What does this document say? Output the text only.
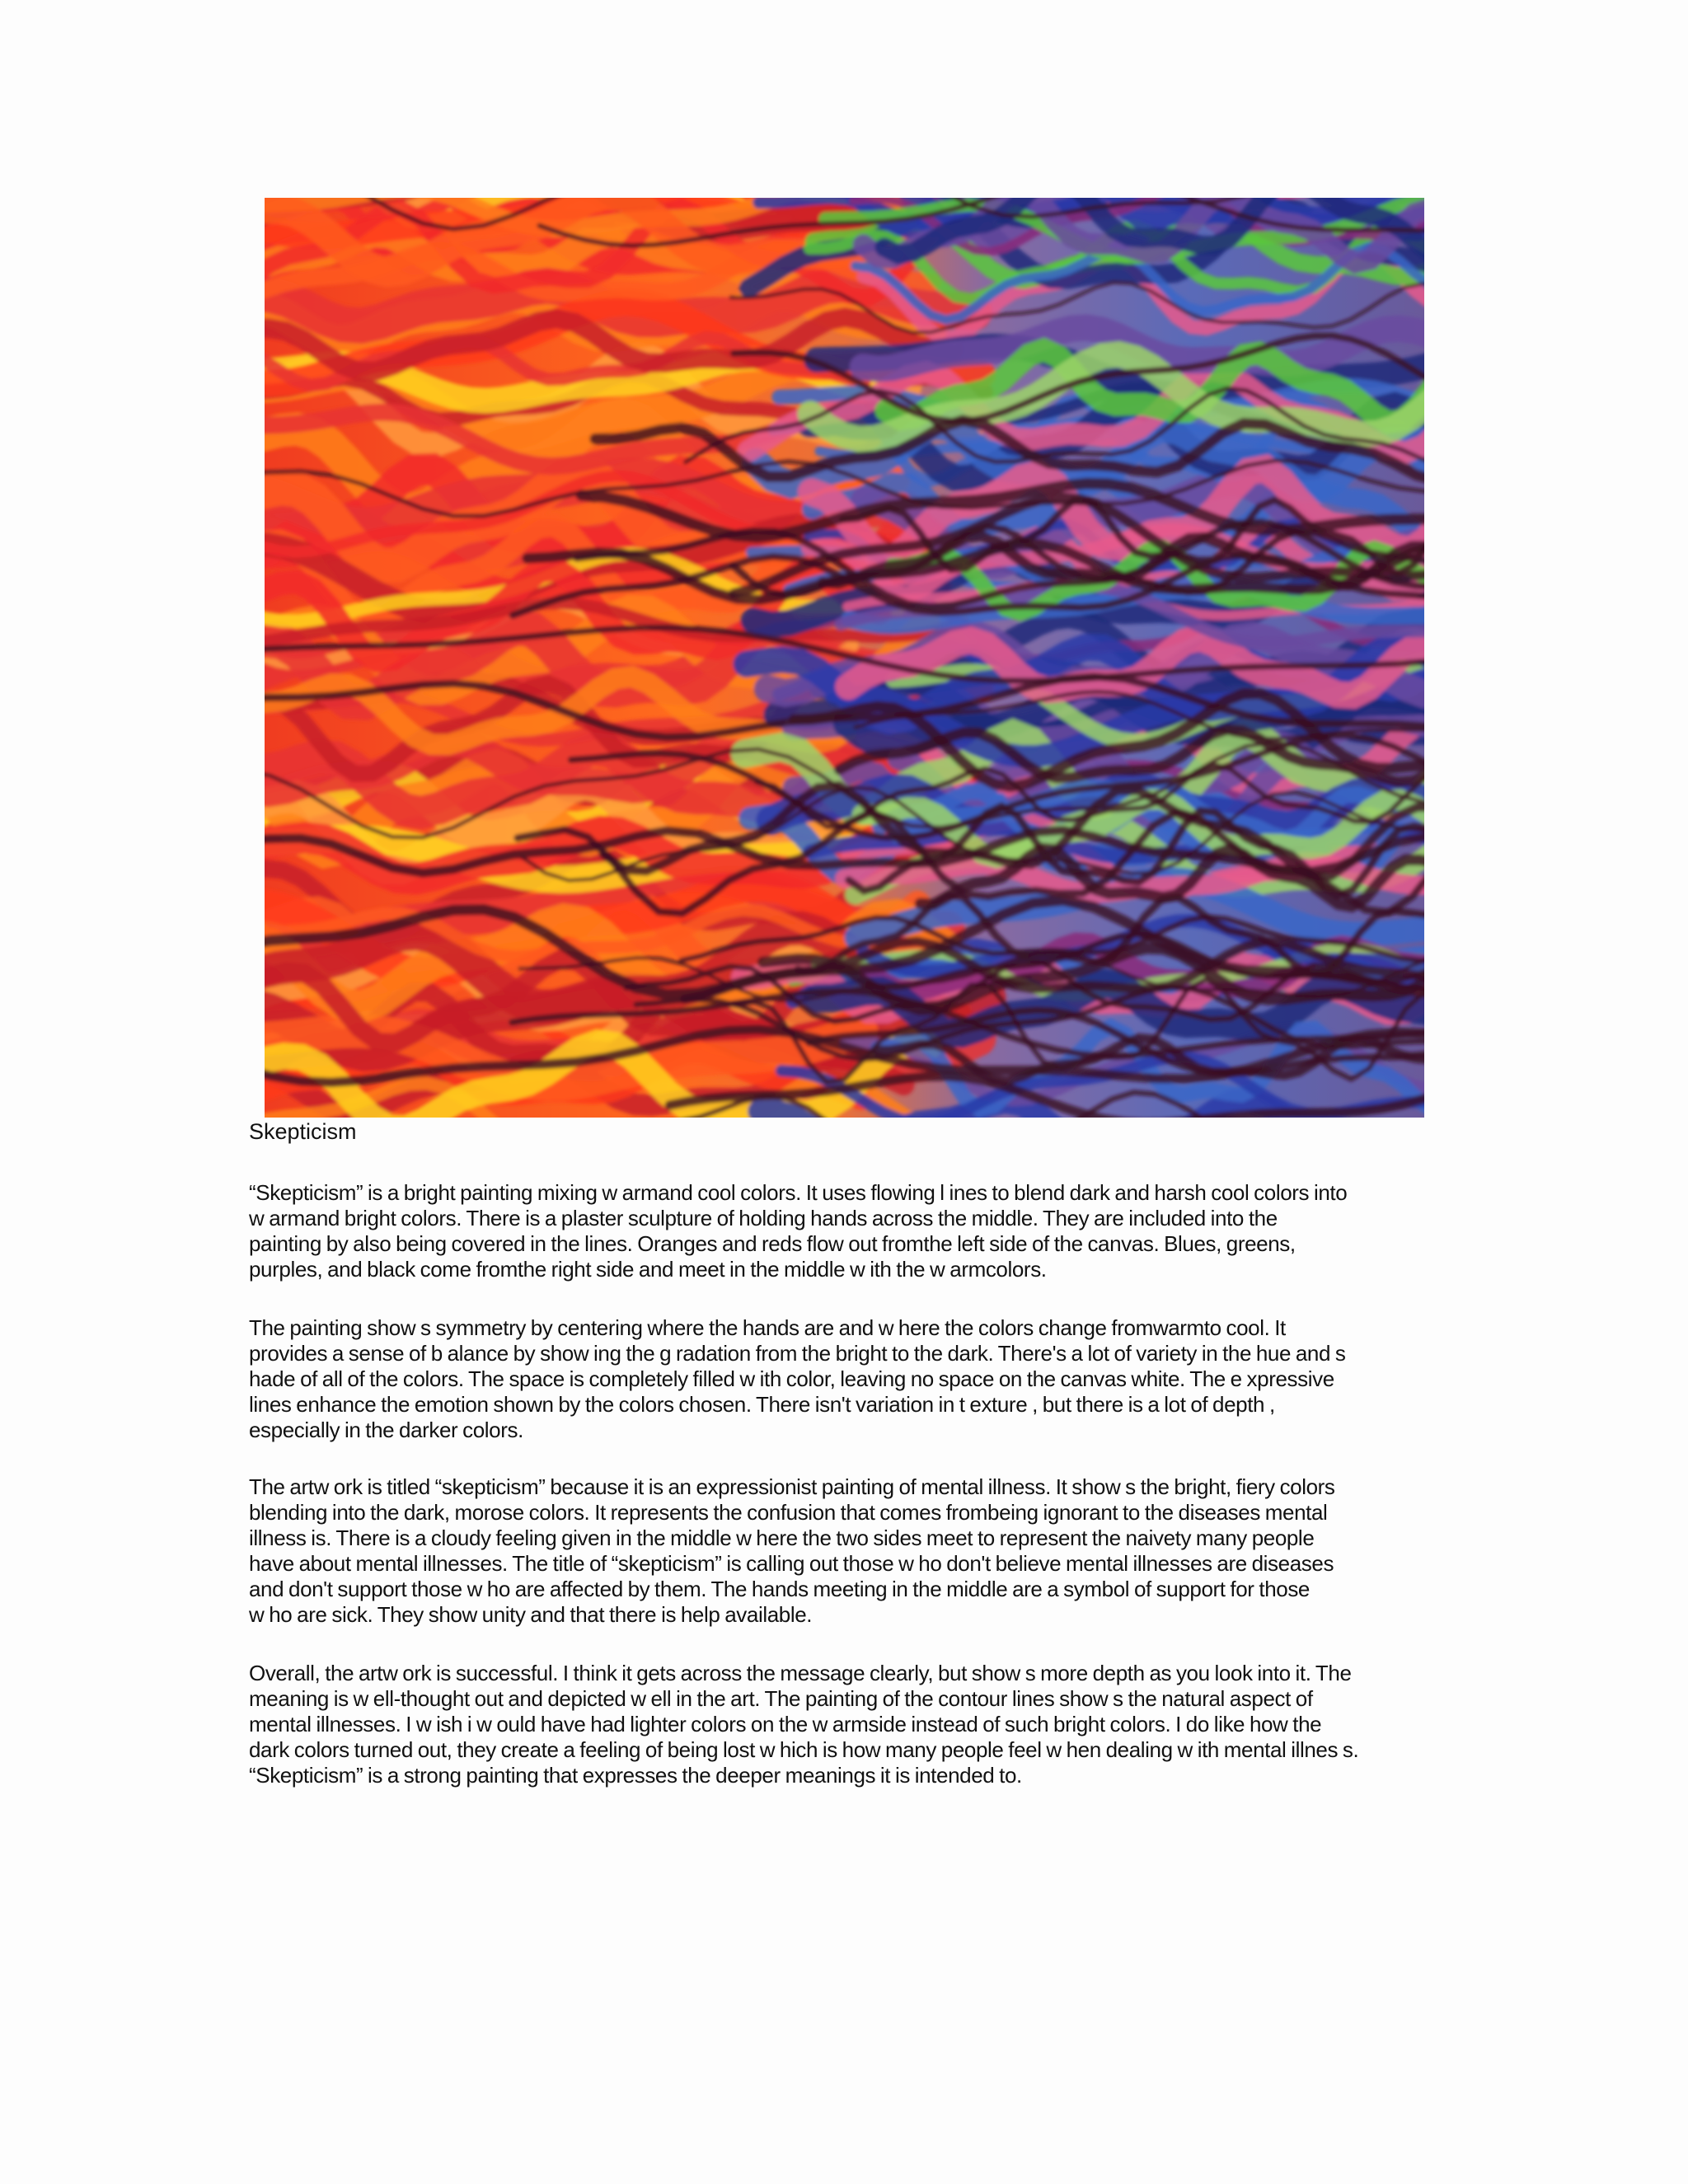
Skepticism
“Skepticism” is a bright painting mixing w armand cool colors. It uses flowing l ines to blend dark and harsh cool colors into
w armand bright colors. There is a plaster sculpture of holding hands across the middle. They are included into the
painting by also being covered in the lines. Oranges and reds flow out fromthe left side of the canvas. Blues, greens,
purples, and black come fromthe right side and meet in the middle w ith the w armcolors.
The painting show s symmetry by centering where the hands are and w here the colors change fromwarmto cool. It
provides a sense of b alance by show ing the g radation from the bright to the dark. There's a lot of variety in the hue and s
hade of all of the colors. The space is completely filled w ith color, leaving no space on the canvas white. The e xpressive
lines enhance the emotion shown by the colors chosen. There isn't variation in t exture , but there is a lot of depth ,
especially in the darker colors.
The artw ork is titled “skepticism” because it is an expressionist painting of mental illness. It show s the bright, fiery colors
blending into the dark, morose colors. It represents the confusion that comes frombeing ignorant to the diseases mental
illness is. There is a cloudy feeling given in the middle w here the two sides meet to represent the naivety many people
have about mental illnesses. The title of “skepticism” is calling out those w ho don't believe mental illnesses are diseases
and don't support those w ho are affected by them. The hands meeting in the middle are a symbol of support for those
w ho are sick. They show unity and that there is help available.
Overall, the artw ork is successful. I think it gets across the message clearly, but show s more depth as you look into it. The
meaning is w ell-thought out and depicted w ell in the art. The painting of the contour lines show s the natural aspect of
mental illnesses. I w ish i w ould have had lighter colors on the w armside instead of such bright colors. I do like how the
dark colors turned out, they create a feeling of being lost w hich is how many people feel w hen dealing w ith mental illnes s.
“Skepticism” is a strong painting that expresses the deeper meanings it is intended to.
